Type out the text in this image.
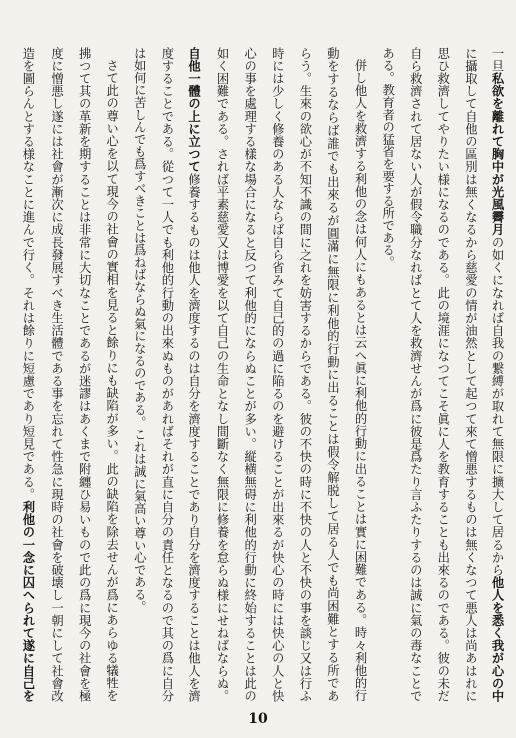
一旦私欲を離れて胸中が光風霽月の如くになれば自我の繋縛が取れて無限に擴大して居るから他人を悉く我が心の中
に攝取して自他の區別は無くなるから慈愛の情が油然として起つて來て憎悪するものは無くなつて悪人は尚あはれに
思ひ救濟してやりたい様になるのである。此の境涯になつてこそ眞に人を教育することも出來るのである。彼の未だ
自ら救濟されて居ない人が假令職分なればとて人を救濟せんが爲に彼是爲たり言ふたりするのは誠に氣の毒なことで
ある。教育者の猛省を要する所である。
併し他人を救濟する利他の念は何人にもあるとは云へ眞に利他的行動に出ることは實に困難である。時々利他的行
動をするならば誰でも出來るが圓滿に無限に利他的行動に出ることは假令解脱して居る人でも尚困難とする所であ
らう。生來の欲心が不知不識の間に之れを妨害するからである。彼の不快の時に不快の人と不快の事を談じ又は行ふ
時には少しく修養のある人ならば自ら省みて自己的の過に陥るのを避けることが出來るが快心の時には快心の人と快
心の事を處理する樣な場合になると反つて利他的にならぬことが多い。縦横無碍に利他的行動に終始することは此の
如く困難である。されば平素慈愛又は博愛を以て自己の生命となし間斷なく無限に修養を怠らぬ様にせねばならぬ。
自他一體の上に立つて修養するものは他人を濟度するのは自分を濟度することであり自分を濟度することは他人を濟
度することである。從つて一人でも利他的行動の出來ぬものがあればそれが直に自分の責任となるので其の爲に自分
は如何に苦しんでも爲すべきことは爲ねばならぬ氣になるのである。これは誠に氣高い尊い心である。
さて此の尊い心を以て現今の社會の實相を見ると餘りにも缺陷が多い。此の缺陷を除去せんが爲にあらゆる犠牲を
拂つて其の革新を期することは非常に大切なことであるが迷謬はあくまで附纏ひ易いもので此の爲に現今の社會を極
度に憎悪し遂には社會が漸次に成長發展すべき生活體である事を忘れて性急に現時の社會を破壊し一朝にして社會改
造を圖らんとする様なことに進んで行く。それは餘りに短慮であり短見である。利他の一念に囚へられて遂に自己を
10
